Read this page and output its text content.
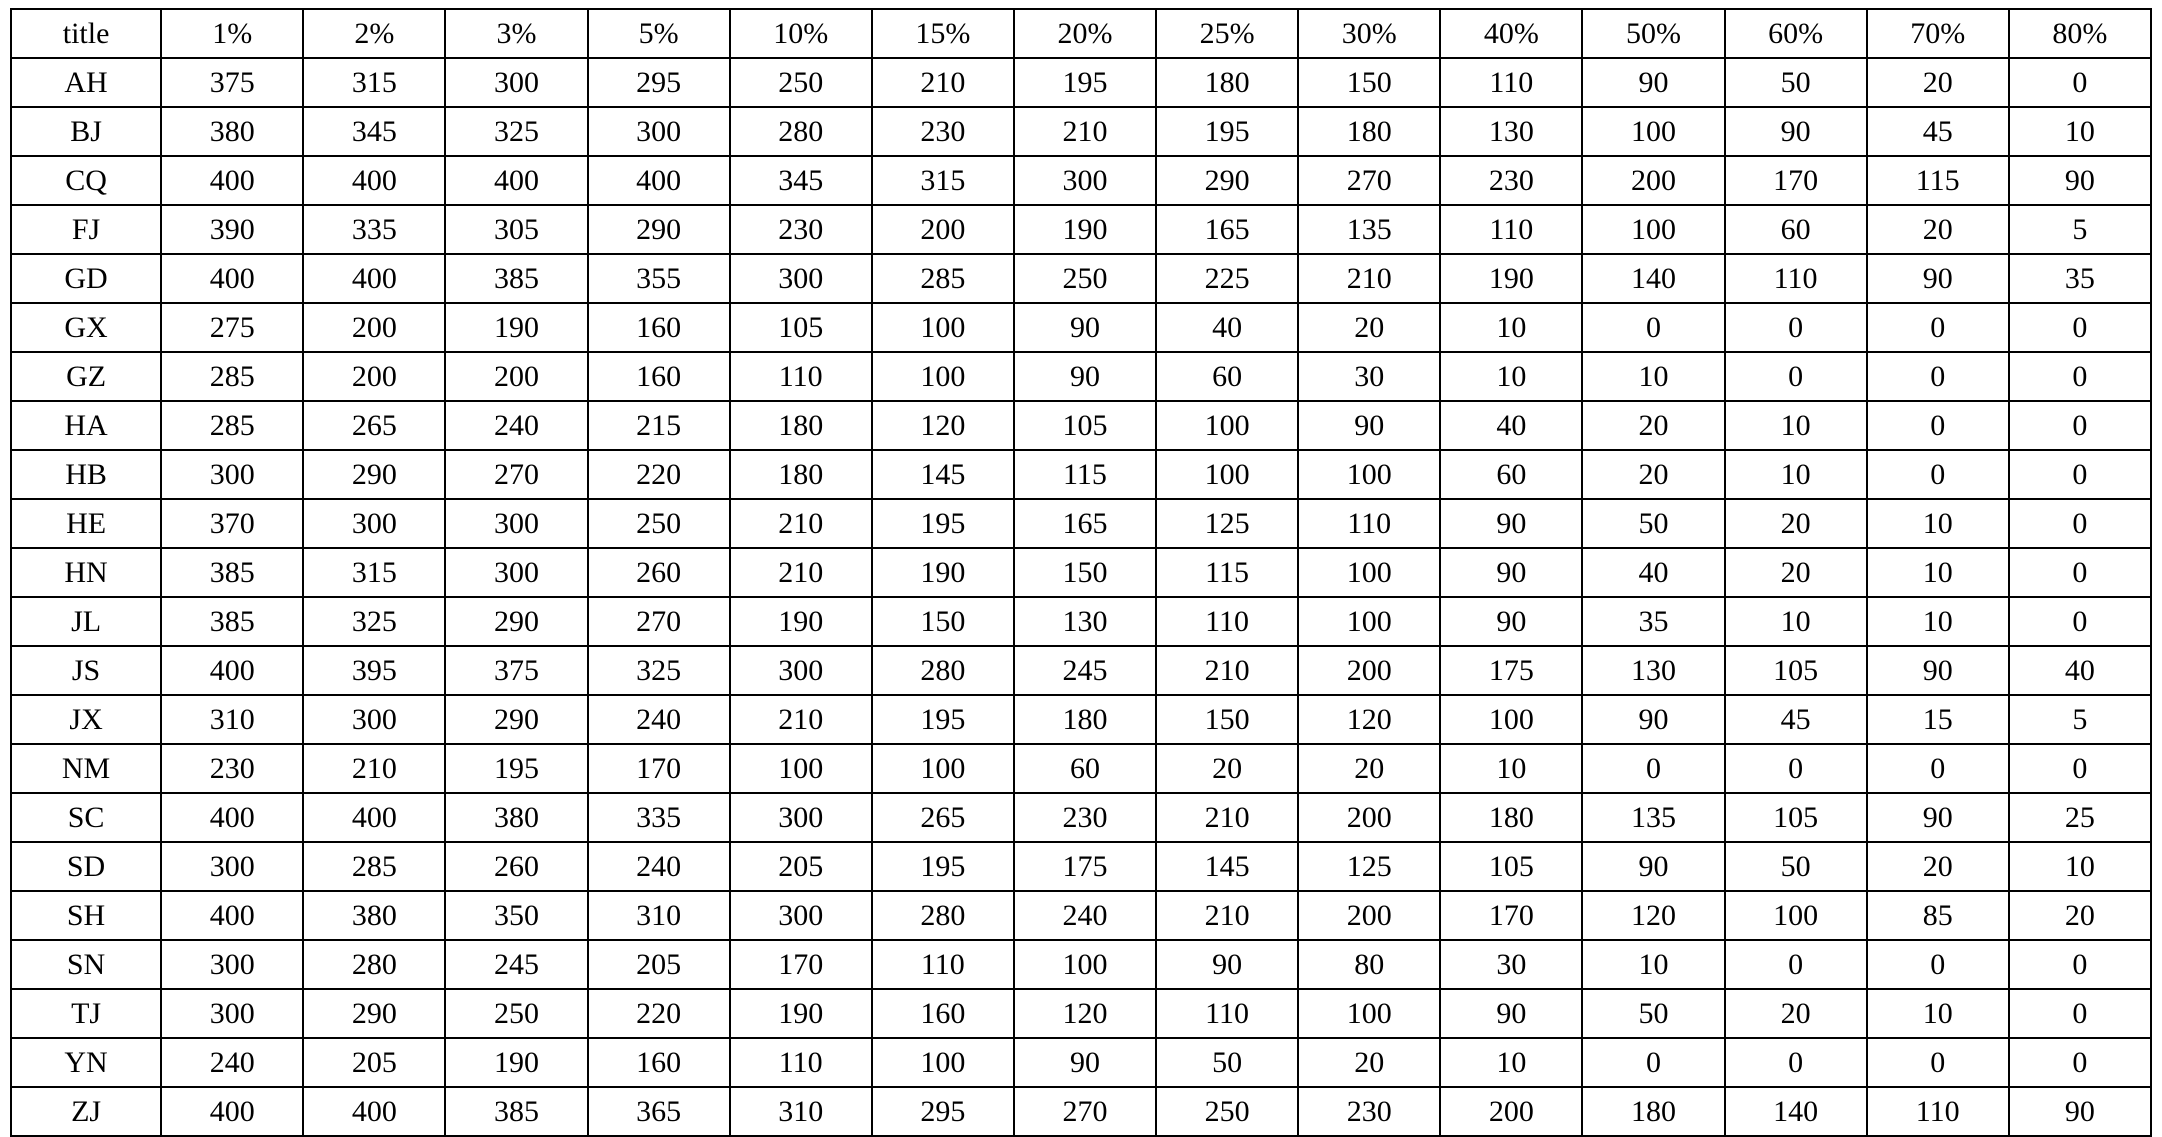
title	1%	2%	3%	5%	10%	15%	20%	25%	30%	40%	50%	60%	70%	80%
AH	375	315	300	295	250	210	195	180	150	110	90	50	20	0
BJ	380	345	325	300	280	230	210	195	180	130	100	90	45	10
CQ	400	400	400	400	345	315	300	290	270	230	200	170	115	90
FJ	390	335	305	290	230	200	190	165	135	110	100	60	20	5
GD	400	400	385	355	300	285	250	225	210	190	140	110	90	35
GX	275	200	190	160	105	100	90	40	20	10	0	0	0	0
GZ	285	200	200	160	110	100	90	60	30	10	10	0	0	0
HA	285	265	240	215	180	120	105	100	90	40	20	10	0	0
HB	300	290	270	220	180	145	115	100	100	60	20	10	0	0
HE	370	300	300	250	210	195	165	125	110	90	50	20	10	0
HN	385	315	300	260	210	190	150	115	100	90	40	20	10	0
JL	385	325	290	270	190	150	130	110	100	90	35	10	10	0
JS	400	395	375	325	300	280	245	210	200	175	130	105	90	40
JX	310	300	290	240	210	195	180	150	120	100	90	45	15	5
NM	230	210	195	170	100	100	60	20	20	10	0	0	0	0
SC	400	400	380	335	300	265	230	210	200	180	135	105	90	25
SD	300	285	260	240	205	195	175	145	125	105	90	50	20	10
SH	400	380	350	310	300	280	240	210	200	170	120	100	85	20
SN	300	280	245	205	170	110	100	90	80	30	10	0	0	0
TJ	300	290	250	220	190	160	120	110	100	90	50	20	10	0
YN	240	205	190	160	110	100	90	50	20	10	0	0	0	0
ZJ	400	400	385	365	310	295	270	250	230	200	180	140	110	90
